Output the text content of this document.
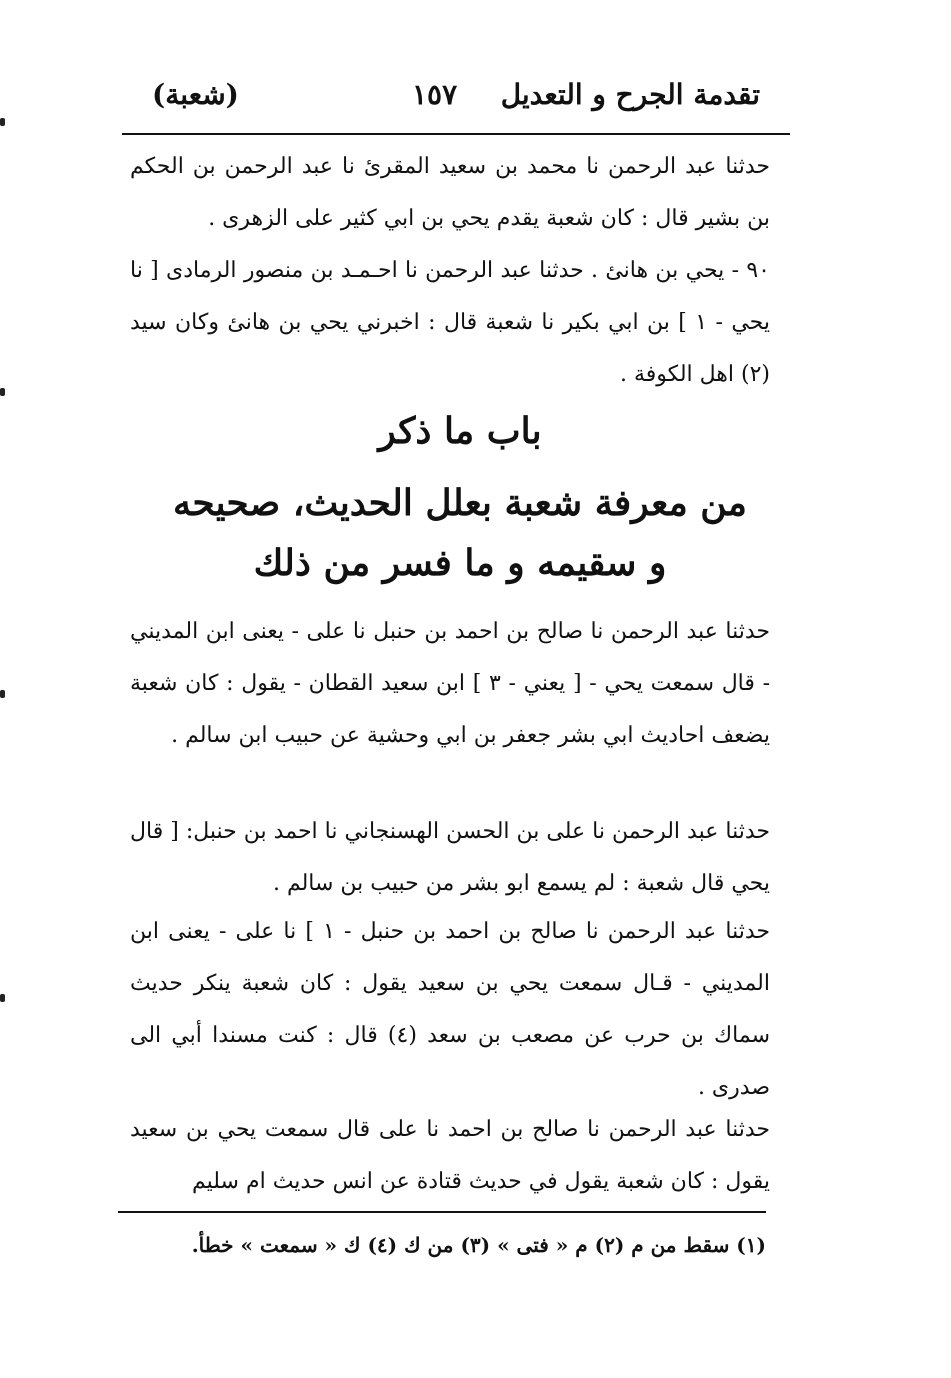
تقدمة الجرح و التعديل
١٥٧
(شعبة)
حدثنا عبد الرحمن نا محمد بن سعيد المقرئ نا عبد الرحمن بن الحكم بن بشير قال : كان شعبة يقدم يحي بن ابي كثير على الزهرى .
٩٠ - يحي بن هانئ . حدثنا عبد الرحمن نا احـمـد بن منصور الرمادى [ نا يحي - ١ ] بن ابي بكير نا شعبة قال : اخبرني يحي بن هانئ وكان سيد (٢) اهل الكوفة .
باب ما ذكر
من معرفة شعبة بعلل الحديث، صحيحه
و سقيمه و ما فسر من ذلك
حدثنا عبد الرحمن نا صالح بن احمد بن حنبل نا على - يعنى ابن المديني - قال سمعت يحي - [ يعني - ٣ ] ابن سعيد القطان - يقول : كان شعبة يضعف احاديث ابي بشر جعفر بن ابي وحشية عن حبيب ابن سالم .
حدثنا عبد الرحمن نا على بن الحسن الهسنجاني نا احمد بن حنبل: [ قال يحي قال شعبة : لم يسمع ابو بشر من حبيب بن سالم .
حدثنا عبد الرحمن نا صالح بن احمد بن حنبل - ١ ] نا على - يعنى ابن المديني - قـال سمعت يحي بن سعيد يقول : كان شعبة ينكر حديث سماك بن حرب عن مصعب بن سعد (٤) قال : كنت مسندا أبي الى صدرى .
حدثنا عبد الرحمن نا صالح بن احمد نا على قال سمعت يحي بن سعيد يقول : كان شعبة يقول في حديث قتادة عن انس حديث ام سليم
(١) سقط من م (٢) م « فتى » (٣) من ك (٤) ك « سمعت » خطأ.
